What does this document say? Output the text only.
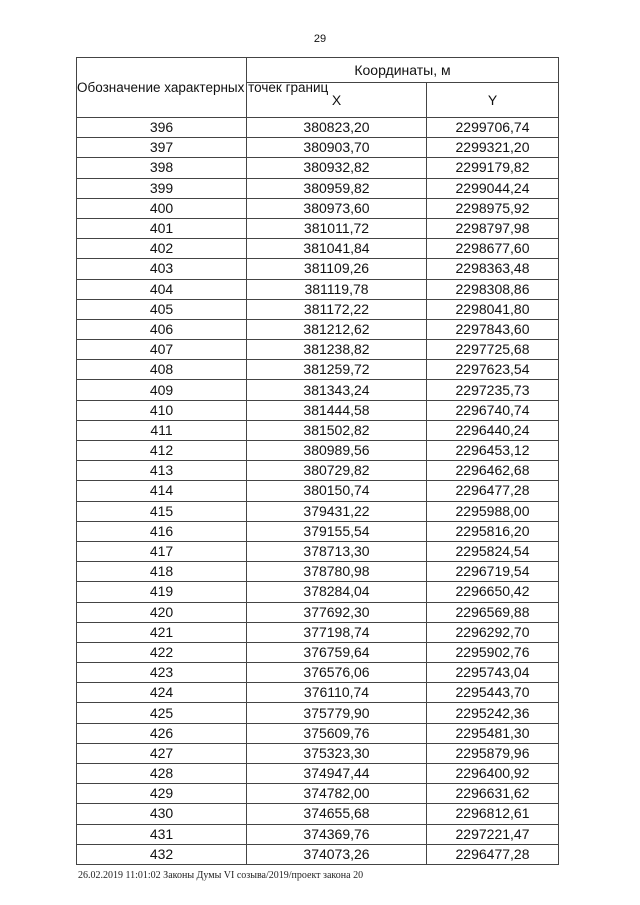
29
Обозначение характерных точек границ	Координаты, м	
	X	Y
396	380823,20	2299706,74
397	380903,70	2299321,20
398	380932,82	2299179,82
399	380959,82	2299044,24
400	380973,60	2298975,92
401	381011,72	2298797,98
402	381041,84	2298677,60
403	381109,26	2298363,48
404	381119,78	2298308,86
405	381172,22	2298041,80
406	381212,62	2297843,60
407	381238,82	2297725,68
408	381259,72	2297623,54
409	381343,24	2297235,73
410	381444,58	2296740,74
411	381502,82	2296440,24
412	380989,56	2296453,12
413	380729,82	2296462,68
414	380150,74	2296477,28
415	379431,22	2295988,00
416	379155,54	2295816,20
417	378713,30	2295824,54
418	378780,98	2296719,54
419	378284,04	2296650,42
420	377692,30	2296569,88
421	377198,74	2296292,70
422	376759,64	2295902,76
423	376576,06	2295743,04
424	376110,74	2295443,70
425	375779,90	2295242,36
426	375609,76	2295481,30
427	375323,30	2295879,96
428	374947,44	2296400,92
429	374782,00	2296631,62
430	374655,68	2296812,61
431	374369,76	2297221,47
432	374073,26	2296477,28
26.02.2019 11:01:02 Законы Думы VI созыва/2019/проект закона 20
